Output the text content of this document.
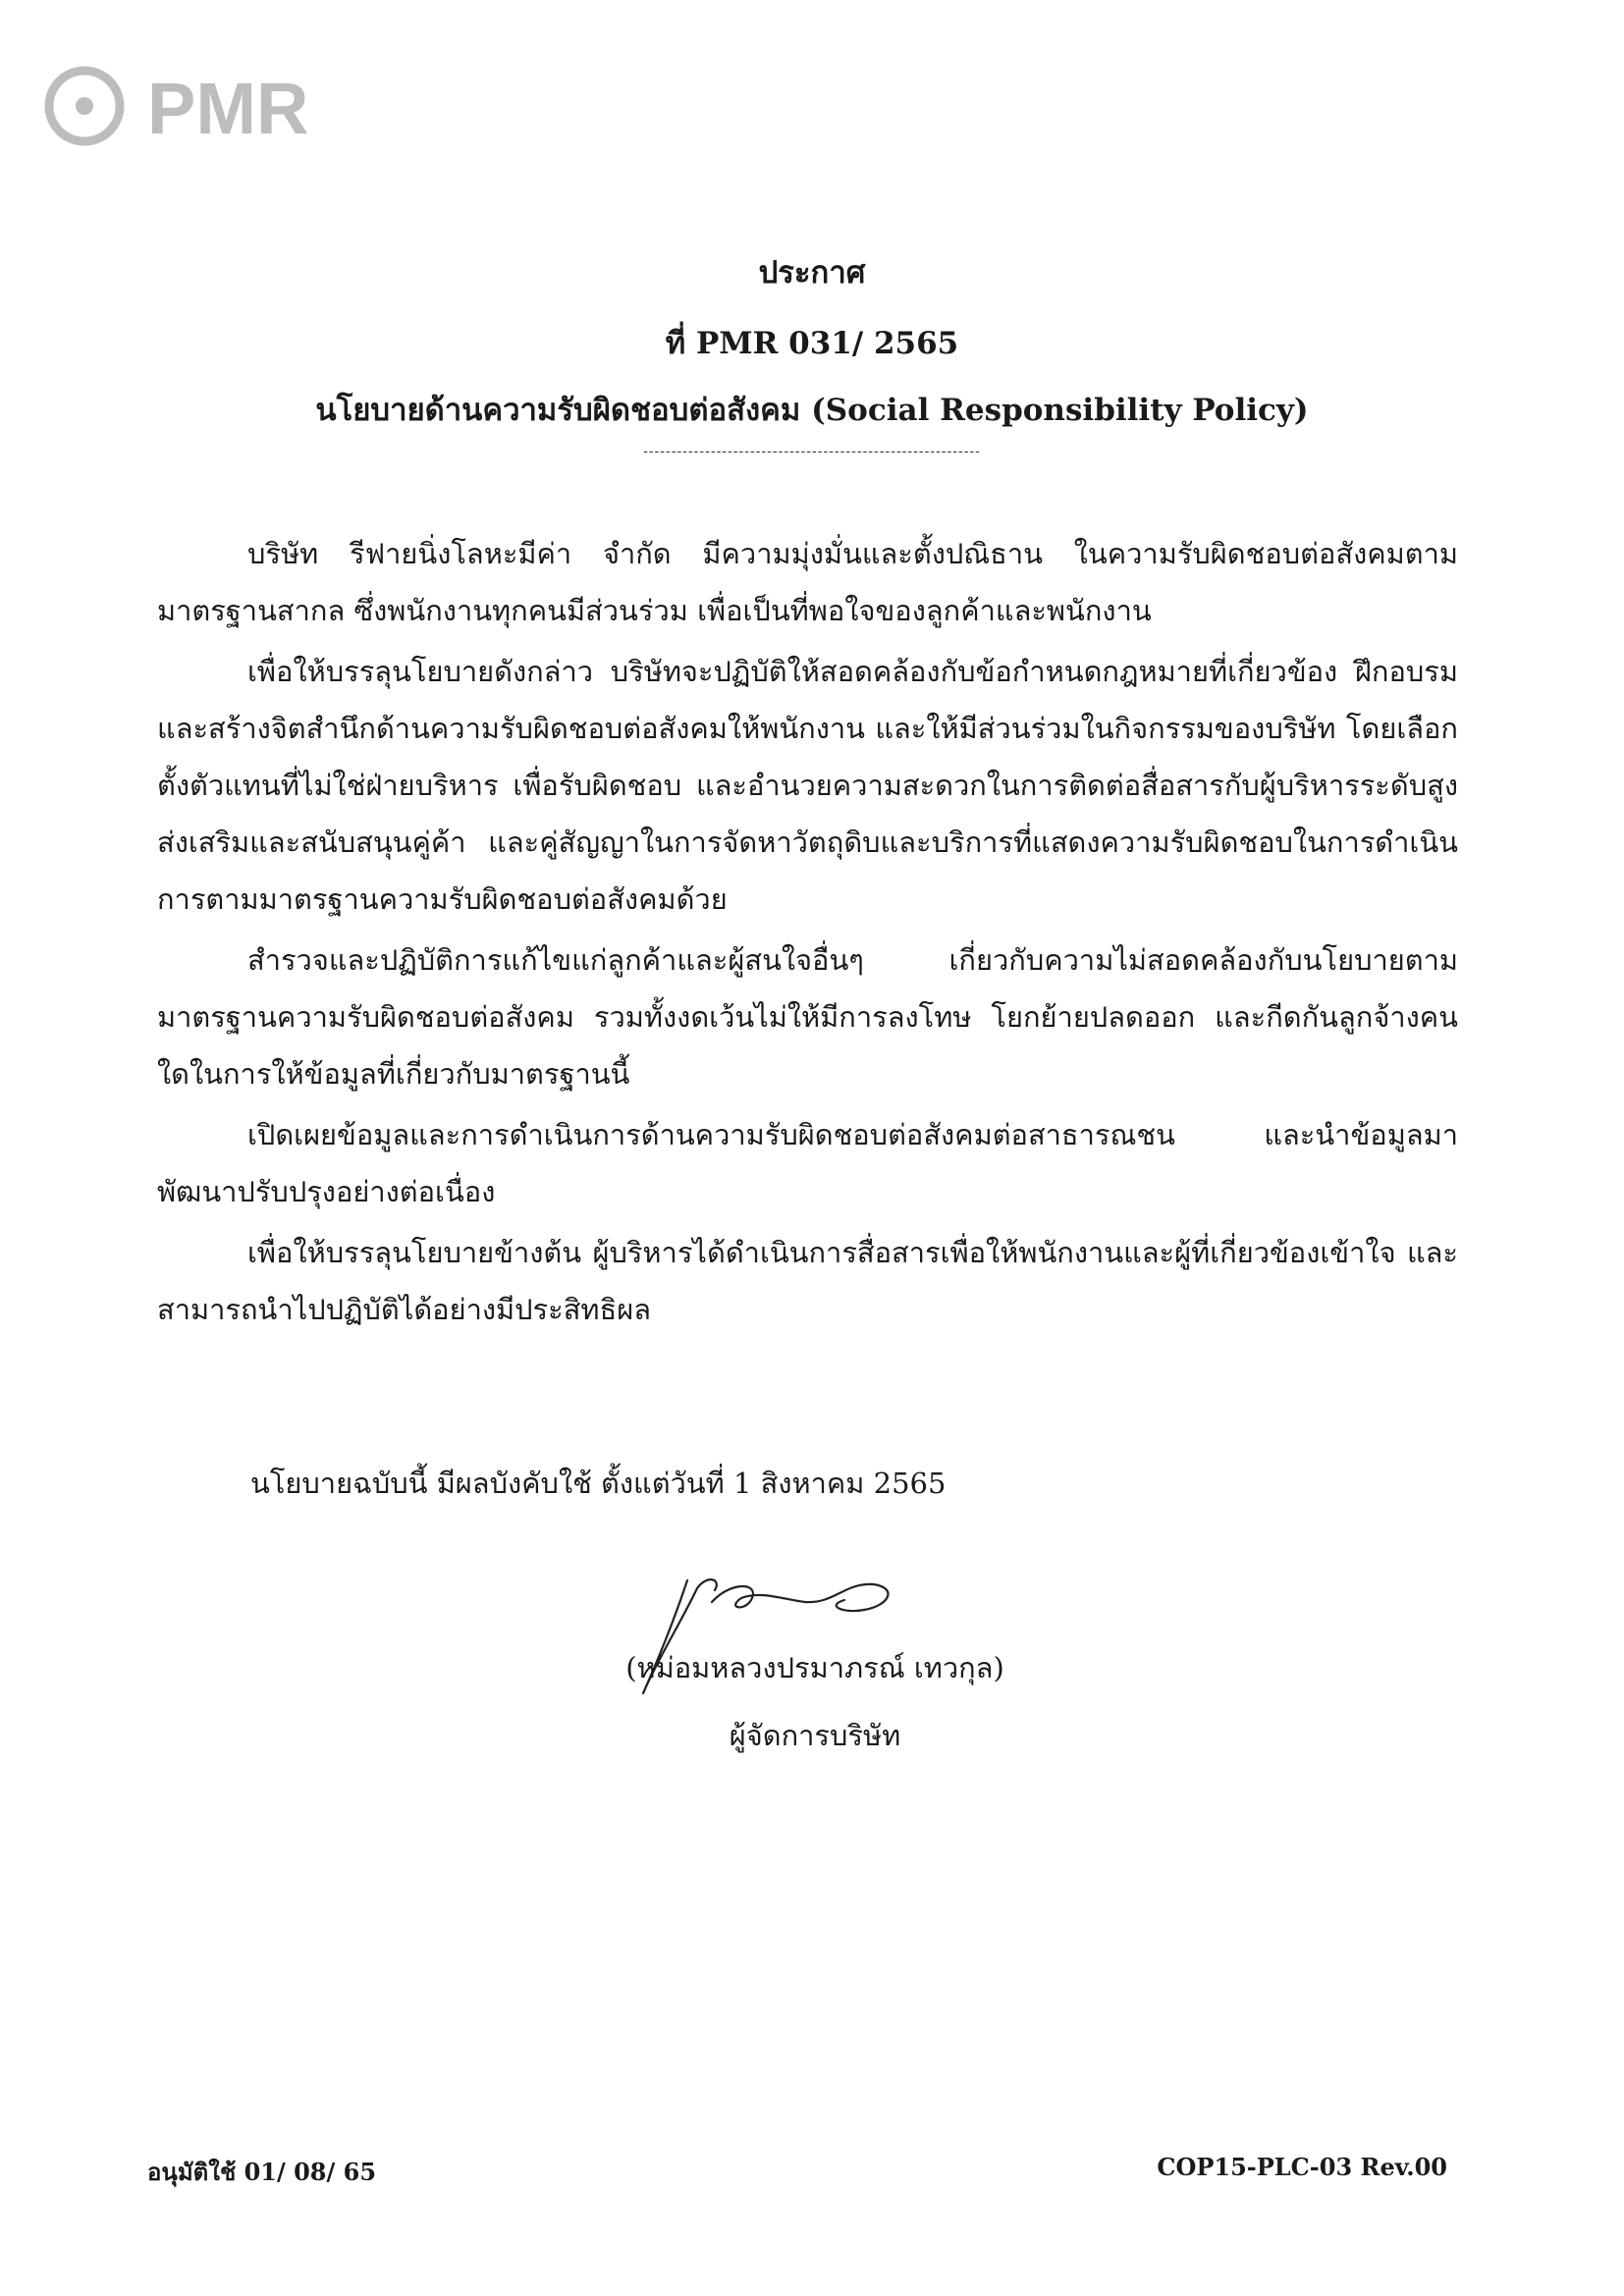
PMR
ประกาศ
ที่ PMR 031/ 2565
นโยบายด้านความรับผิดชอบต่อสังคม (Social Responsibility Policy)
------------------------------------------------------------

บริษัท รีฟายนิ่งโลหะมีค่า จำกัด มีความมุ่งมั่นและตั้งปณิธาน ในความรับผิดชอบต่อสังคมตามมาตรฐานสากล ซึ่งพนักงานทุกคนมีส่วนร่วม เพื่อเป็นที่พอใจของลูกค้าและพนักงาน

เพื่อให้บรรลุนโยบายดังกล่าว บริษัทจะปฏิบัติให้สอดคล้องกับข้อกำหนดกฎหมายที่เกี่ยวข้อง ฝึกอบรมและสร้างจิตสำนึกด้านความรับผิดชอบต่อสังคมให้พนักงาน และให้มีส่วนร่วมในกิจกรรมของบริษัท โดยเลือกตั้งตัวแทนที่ไม่ใช่ฝ่ายบริหาร เพื่อรับผิดชอบ และอำนวยความสะดวกในการติดต่อสื่อสารกับผู้บริหารระดับสูง ส่งเสริมและสนับสนุนคู่ค้า และคู่สัญญาในการจัดหาวัตถุดิบและบริการที่แสดงความรับผิดชอบในการดำเนินการตามมาตรฐานความรับผิดชอบต่อสังคมด้วย

สำรวจและปฏิบัติการแก้ไขแก่ลูกค้าและผู้สนใจอื่นๆ เกี่ยวกับความไม่สอดคล้องกับนโยบายตามมาตรฐานความรับผิดชอบต่อสังคม รวมทั้งงดเว้นไม่ให้มีการลงโทษ โยกย้ายปลดออก และกีดกันลูกจ้างคนใดในการให้ข้อมูลที่เกี่ยวกับมาตรฐานนี้

เปิดเผยข้อมูลและการดำเนินการด้านความรับผิดชอบต่อสังคมต่อสาธารณชน และนำข้อมูลมาพัฒนาปรับปรุงอย่างต่อเนื่อง

เพื่อให้บรรลุนโยบายข้างต้น ผู้บริหารได้ดำเนินการสื่อสารเพื่อให้พนักงานและผู้ที่เกี่ยวข้องเข้าใจ และสามารถนำไปปฏิบัติได้อย่างมีประสิทธิผล

นโยบายฉบับนี้ มีผลบังคับใช้ ตั้งแต่วันที่ 1 สิงหาคม 2565
(หม่อมหลวงปรมาภรณ์ เทวกุล)
ผู้จัดการบริษัท
อนุมัติใช้ 01/ 08/ 65	COP15-PLC-03 Rev.00
